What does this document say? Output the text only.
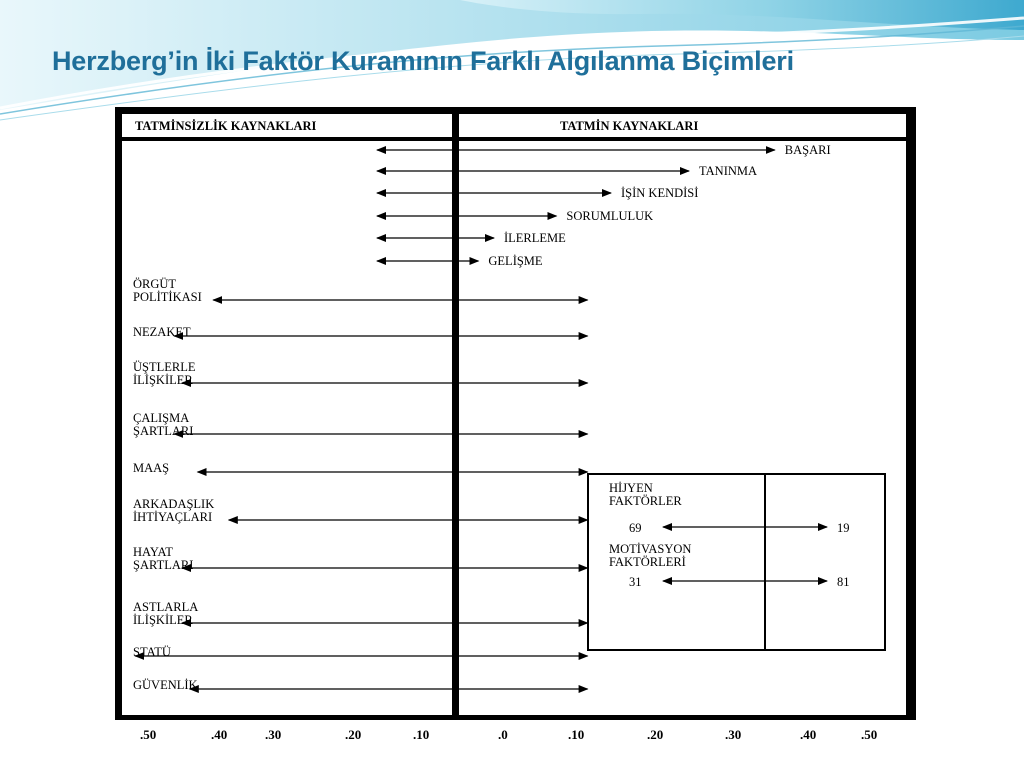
Herzberg’in İki Faktör Kuramının Farklı Algılanma Biçimleri
TATMİNSİZLİK KAYNAKLARI	TATMİN KAYNAKLARI
BAŞARI
TANINMA
İŞİN KENDİSİ
SORUMLULUK
İLERLEME
GELİŞME
ÖRGÜT
POLİTİKASI
NEZAKET
ÜŞTLERLE
İLİŞKİLER
ÇALIŞMA
ŞARTLARI
MAAŞ
ARKADAŞLIK
İHTİYAÇLARI
HAYAT
ŞARTLARI
ASTLARLA
İLİŞKİLER
STATÜ
GÜVENLİK
HİJYEN
FAKTÖRLER
69	19
MOTİVASYON
FAKTÖRLERİ
31	81
.50	.40	.30	.20	.10	.0	.10	.20	.30	.40	.50
